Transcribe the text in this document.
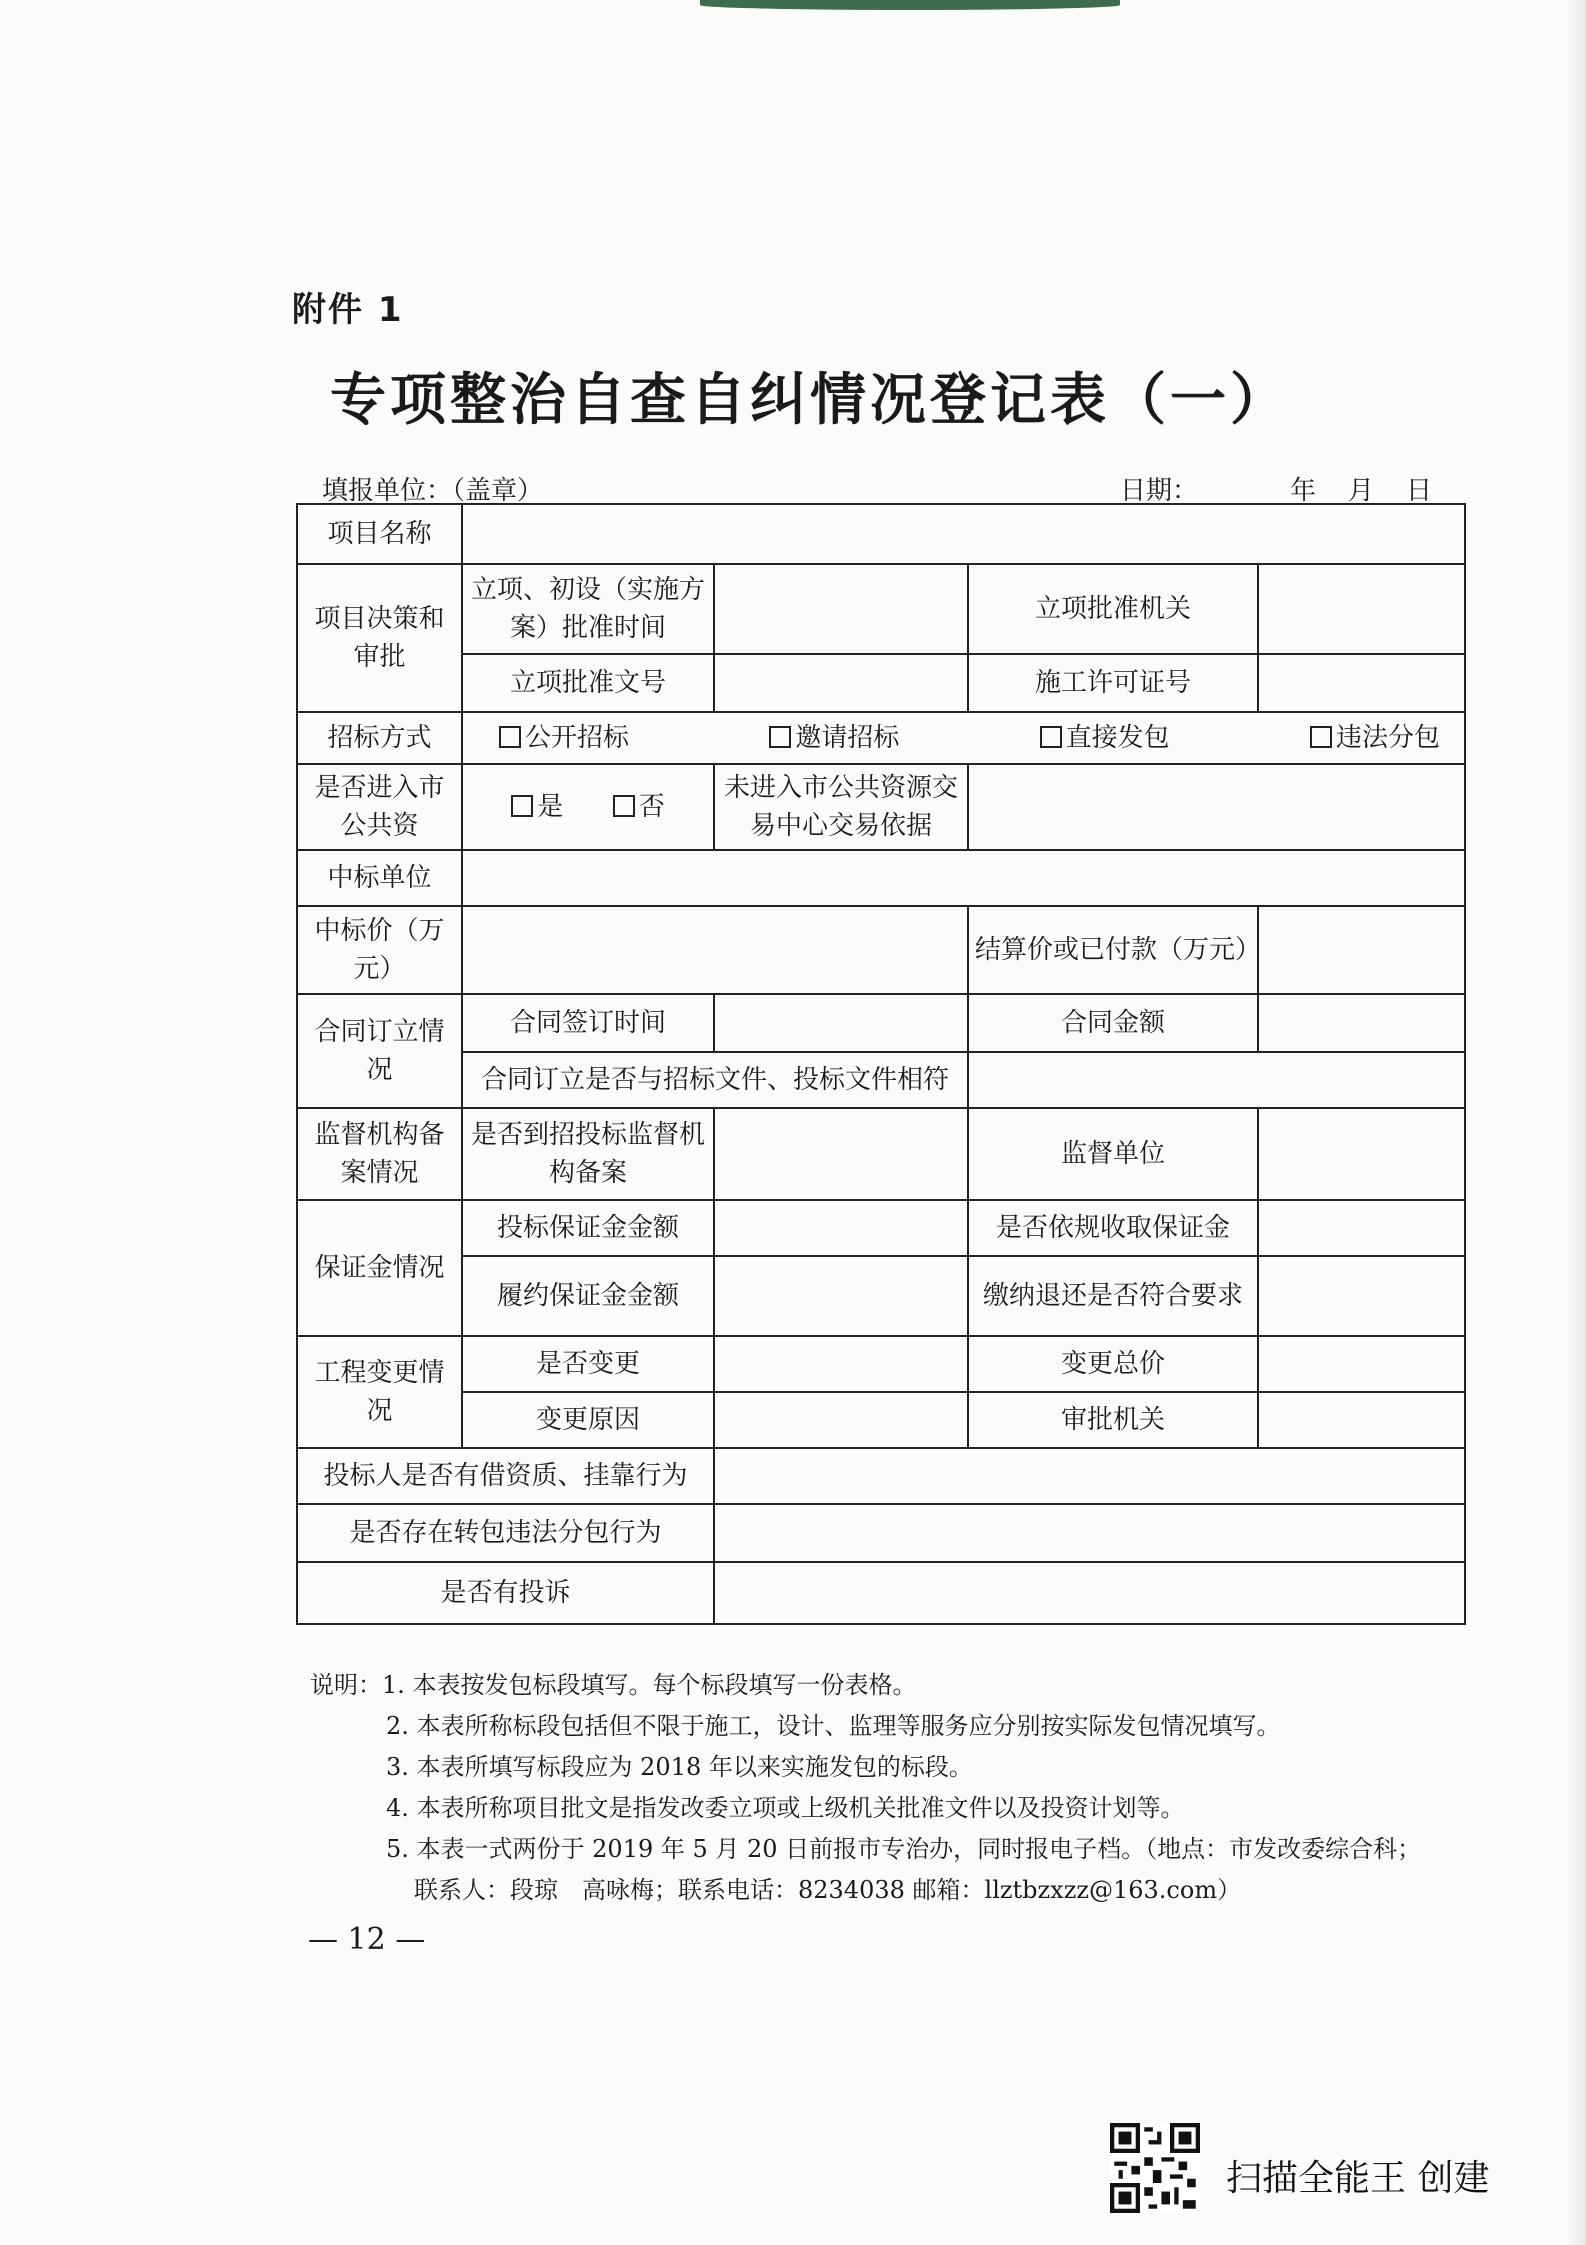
附件 1
专项整治自查自纠情况登记表（一）
填报单位：（盖章）	日期：	年月日
项目名称				
项目决策和审批	立项、初设（实施方案）批准时间		立项批准机关	
	立项批准文号		施工许可证号	
招标方式	公开招标 邀请招标 直接发包 违法分包			

是否进入市公共资	是 否	未进入市公共资源交易中心交易依据		
中标单位				
中标价（万元）			结算价或已付款（万元）	
合同订立情况	合同签订时间		合同金额	
	合同订立是否与招标文件、投标文件相符			
监督机构备案情况	是否到招投标监督机构备案		监督单位	
保证金情况	投标保证金金额		是否依规收取保证金	
	履约保证金金额		缴纳退还是否符合要求	
工程变更情况	是否变更		变更总价	
	变更原因		审批机关	
投标人是否有借资质、挂靠行为				
是否存在转包违法分包行为				
是否有投诉				
说明：1. 本表按发包标段填写。每个标段填写一份表格。
2. 本表所称标段包括但不限于施工，设计、监理等服务应分别按实际发包情况填写。
3. 本表所填写标段应为 2018 年以来实施发包的标段。
4. 本表所称项目批文是指发改委立项或上级机关批准文件以及投资计划等。
5. 本表一式两份于 2019 年 5 月 20 日前报市专治办，同时报电子档。（地点：市发改委综合科；
联系人：段琼　高咏梅；联系电话：8234038 邮箱：llztbzxzz@163.com）
— 12 —
扫描全能王 创建
